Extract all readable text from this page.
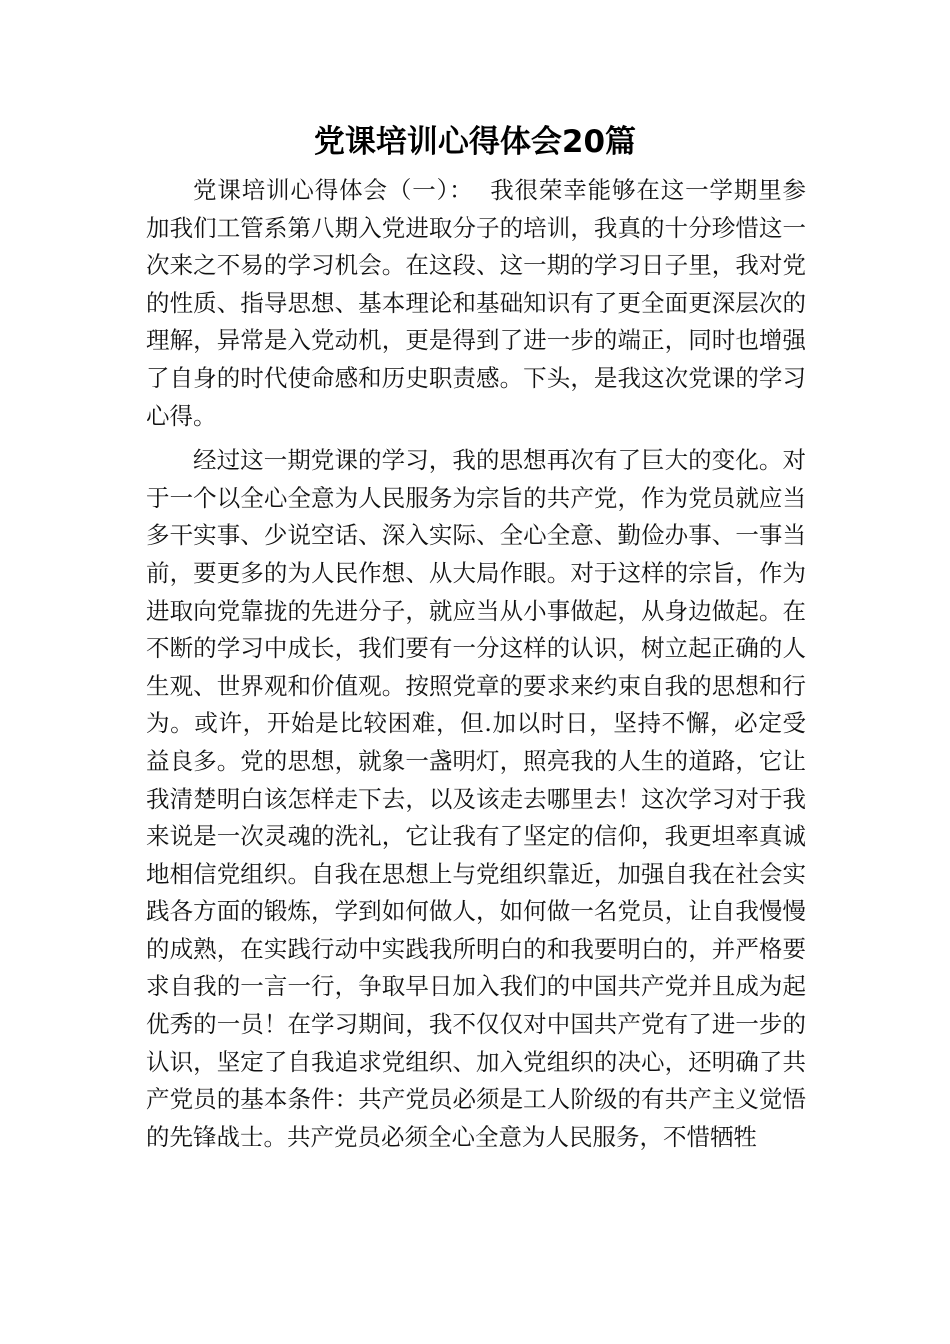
党课培训心得体会20篇

党课培训心得体会（一）： 我很荣幸能够在这一学期里参加我们工管系第八期入党进取分子的培训，我真的十分珍惜这一次来之不易的学习机会。在这段、这一期的学习日子里，我对党的性质、指导思想、基本理论和基础知识有了更全面更深层次的理解，异常是入党动机，更是得到了进一步的端正，同时也增强了自身的时代使命感和历史职责感。下头，是我这次党课的学习心得。

经过这一期党课的学习，我的思想再次有了巨大的变化。对于一个以全心全意为人民服务为宗旨的共产党，作为党员就应当多干实事、少说空话、深入实际、全心全意、勤俭办事、一事当前，要更多的为人民作想、从大局作眼。对于这样的宗旨，作为进取向党靠拢的先进分子，就应当从小事做起，从身边做起。在不断的学习中成长，我们要有一分这样的认识，树立起正确的人生观、世界观和价值观。按照党章的要求来约束自我的思想和行为。或许，开始是比较困难，但.加以时日，坚持不懈，必定受益良多。党的思想，就象一盏明灯，照亮我的人生的道路，它让我清楚明白该怎样走下去，以及该走去哪里去！这次学习对于我来说是一次灵魂的洗礼，它让我有了坚定的信仰，我更坦率真诚地相信党组织。自我在思想上与党组织靠近，加强自我在社会实践各方面的锻炼，学到如何做人，如何做一名党员，让自我慢慢的成熟，在实践行动中实践我所明白的和我要明白的，并严格要求自我的一言一行，争取早日加入我们的中国共产党并且成为起优秀的一员！在学习期间，我不仅仅对中国共产党有了进一步的认识，坚定了自我追求党组织、加入党组织的决心，还明确了共产党员的基本条件：共产党员必须是工人阶级的有共产主义觉悟的先锋战士。共产党员必须全心全意为人民服务，不惜牺牲
